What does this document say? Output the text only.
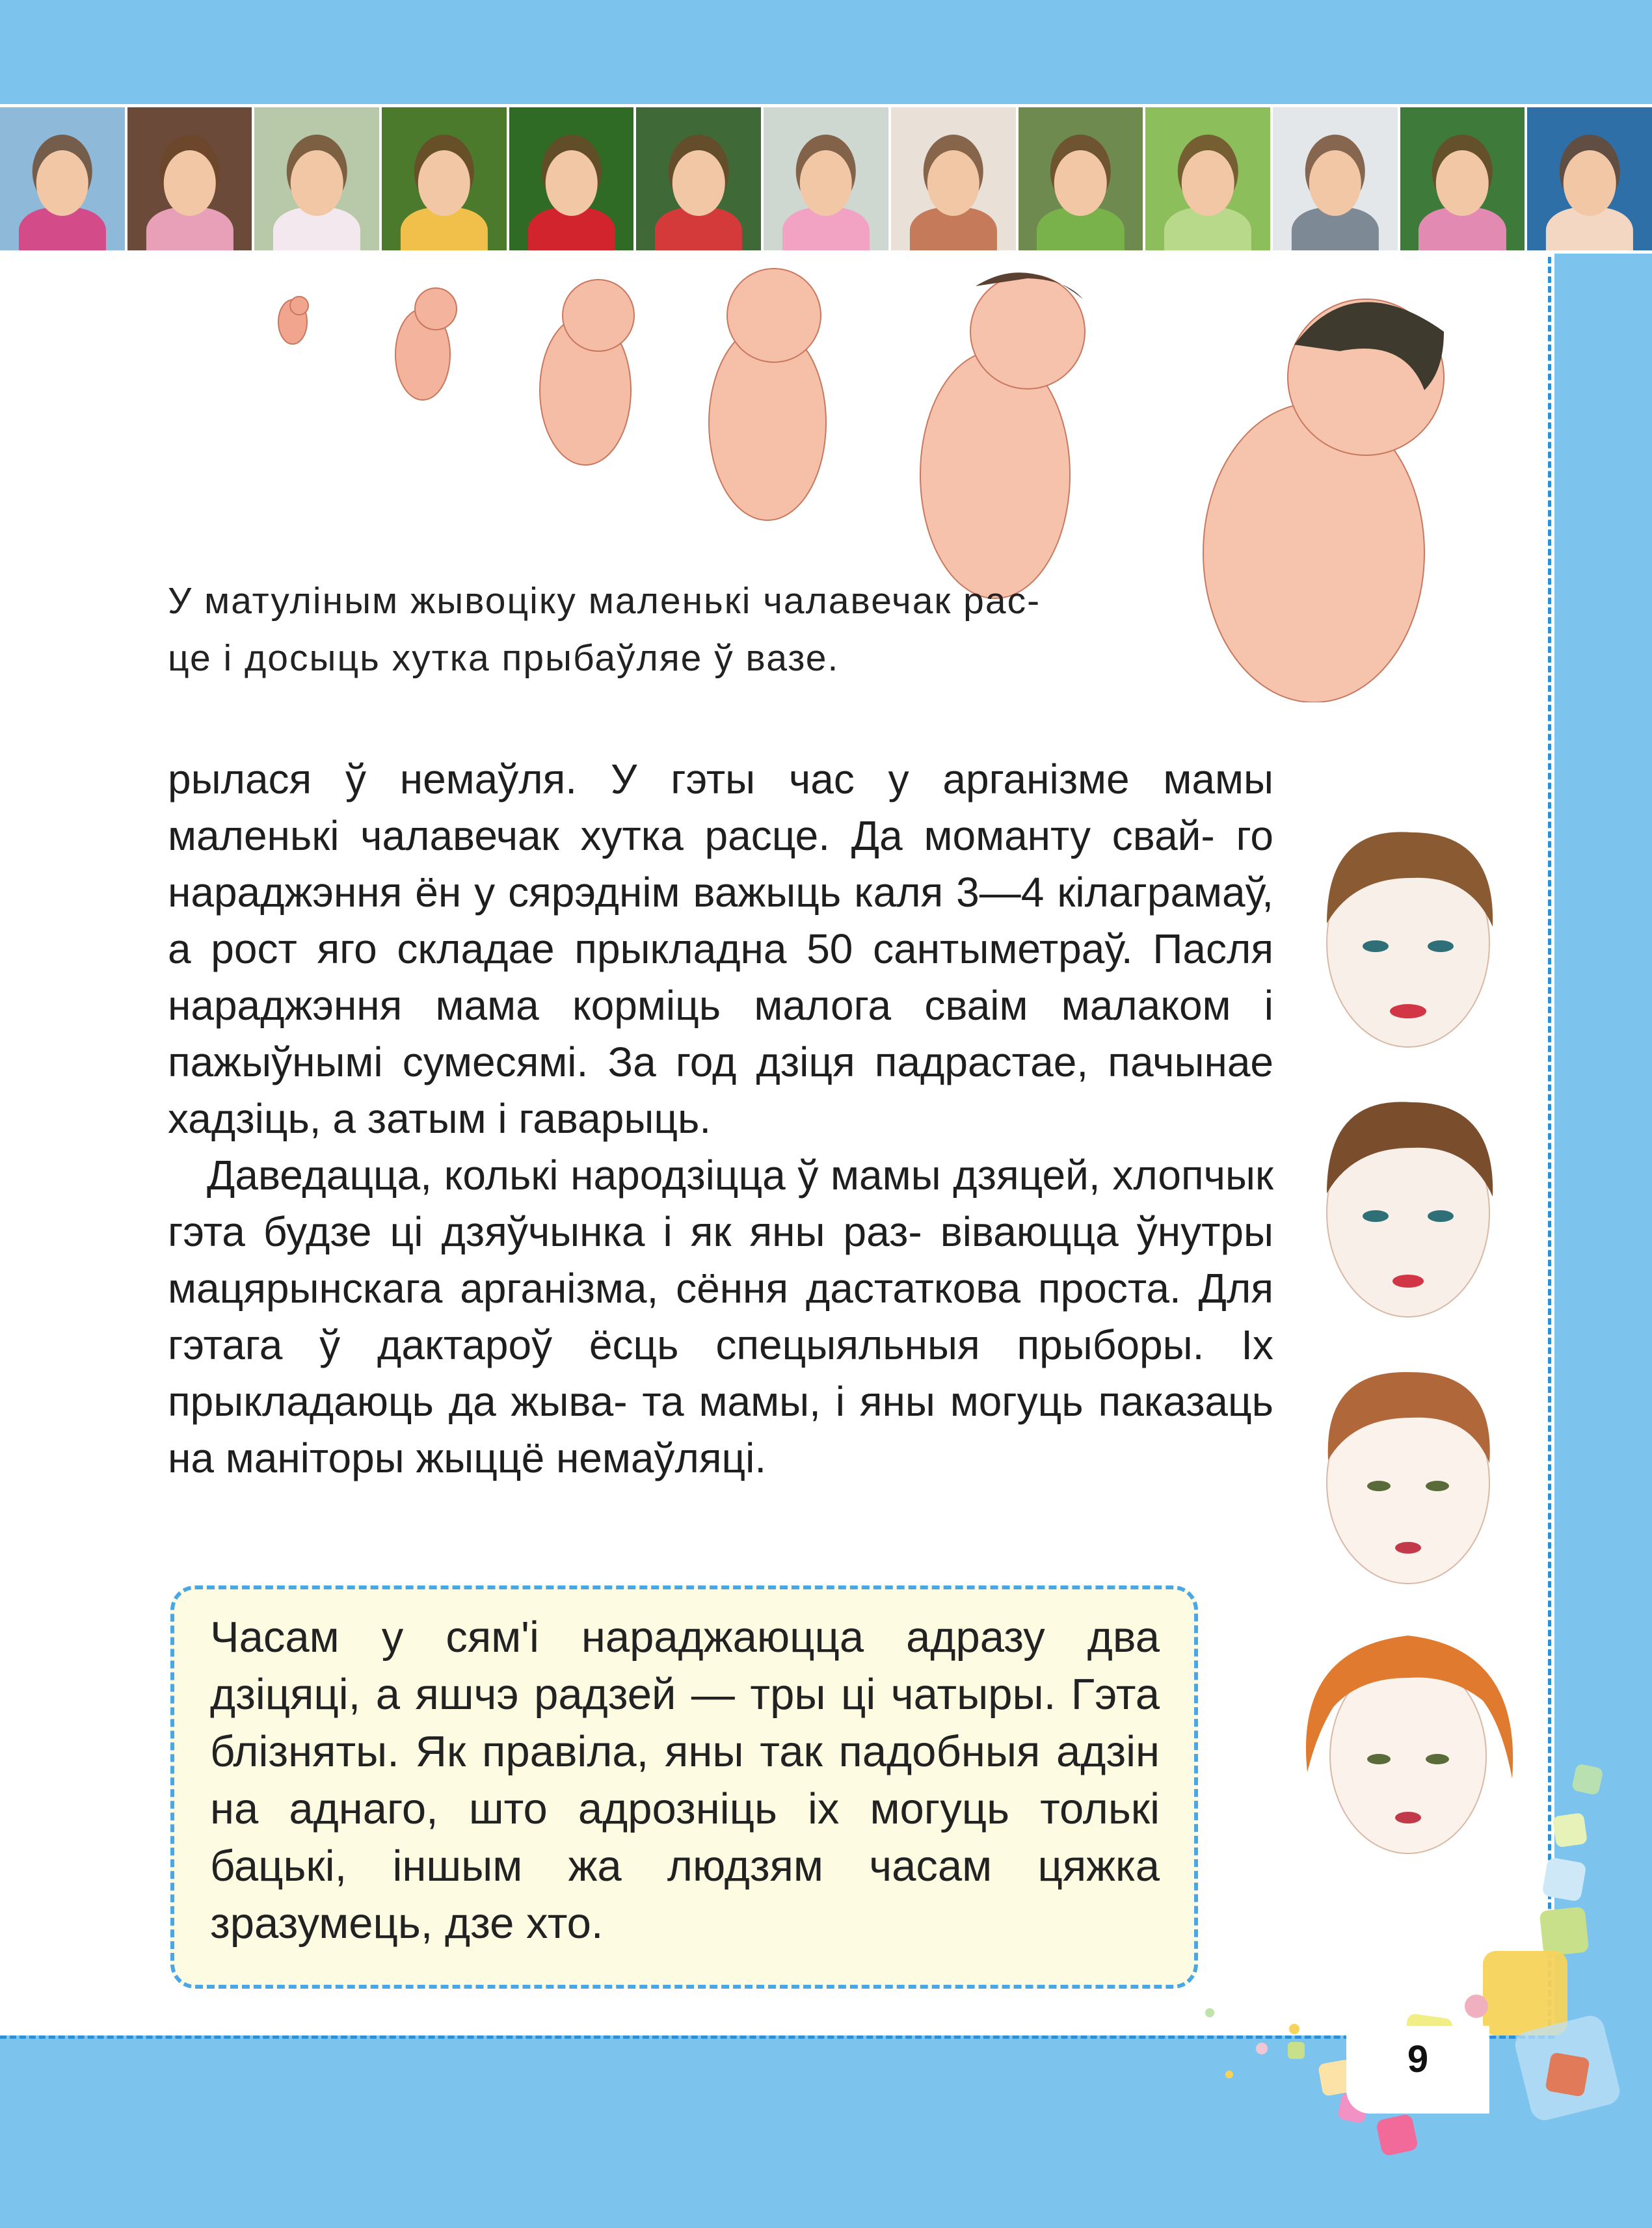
У матулiным жывоцiку маленькi чалавечак рас-
це i досыць хутка прыбаўляе ў вазе.

рылася ў немаўля. У гэты час у арганiзме мамы маленькi чалавечак хутка расце. Да моманту свай- го нараджэння ён у сярэднiм важыць каля 3—4 кiлаграмаў, а рост яго складае прыкладна 50 сантыметраў. Пасля нараджэння мама кормiць малога сваiм малаком i пажыўнымi сумесямi. За год дзiця падрастае, пачынае хадзiць, а затым i гаварыць.

Даведацца, колькi народзiцца ў мамы дзяцей, хлопчык гэта будзе цi дзяўчынка i як яны раз- вiваюцца ўнутры мацярынскага арганiзма, сёння дастаткова проста. Для гэтага ў дактароў ёсць спецыяльныя прыборы. Iх прыкладаюць да жыва- та мамы, i яны могуць паказаць на манiторы жыццё немаўляцi.

Часам у сям'i нараджаюцца адразу два дзiцяцi, а яшчэ радзей — тры цi чатыры. Гэта блiзняты. Як правiла, яны так падобныя адзiн на аднаго, што адрознiць iх могуць толькi бацькi, iншым жа людзям часам цяжка зразумець, дзе хто.
9
